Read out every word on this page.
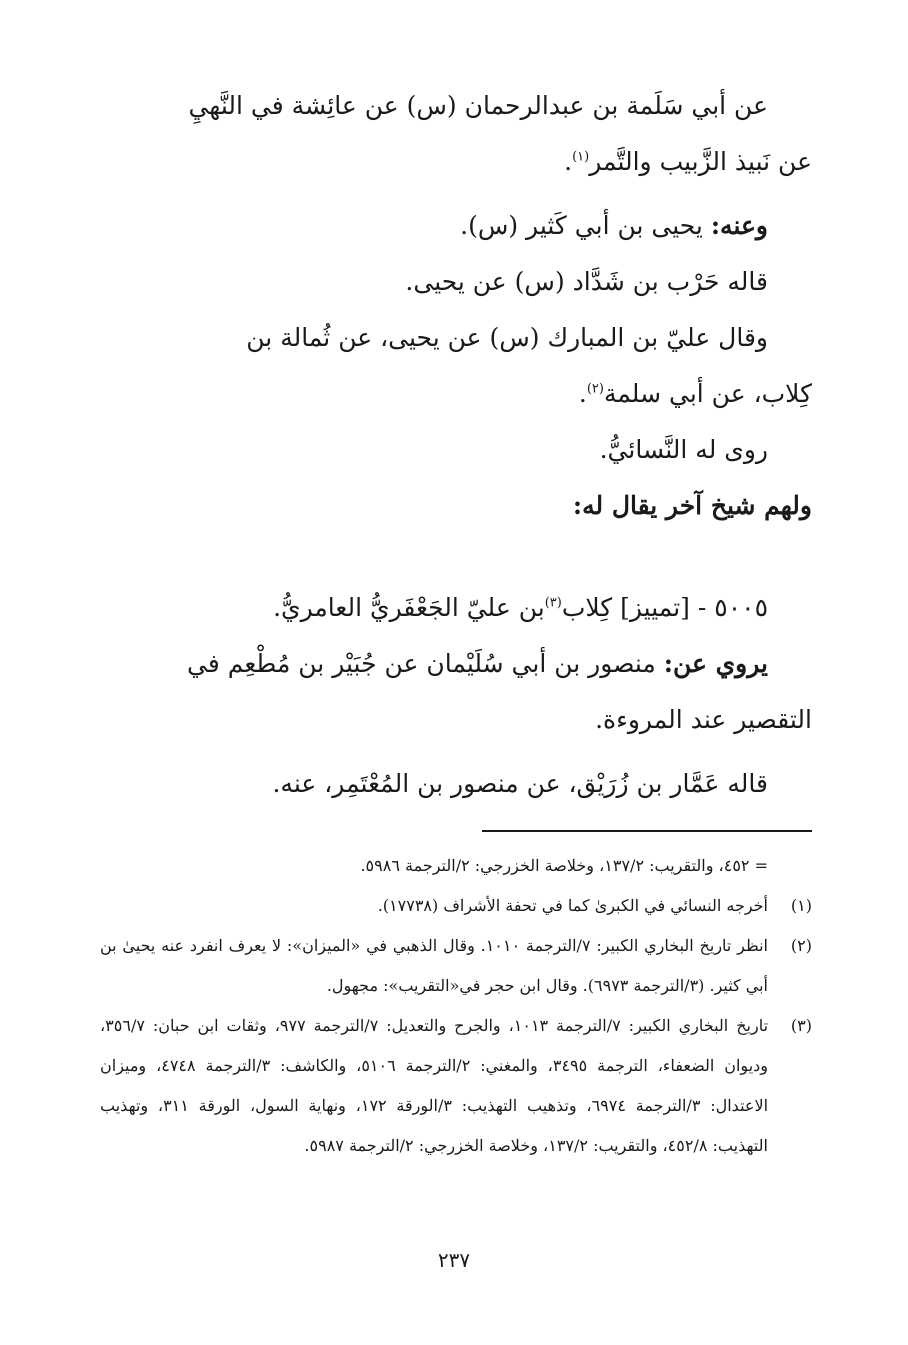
عن أبي سَلَمة بن عبدالرحمان (س) عن عائِشة في النَّهيِ

عن نَبيذ الزَّبيب والتَّمر$^{(١)}$.

وعنه: يحيى بن أبي كَثير (س).

قاله حَرْب بن شَدَّاد (س) عن يحيى.

وقال عليّ بن المبارك (س) عن يحيى، عن ثُمالة بن

كِلاب، عن أبي سلمة$^{(٢)}$.

روى له النَّسائيُّ.

ولهم شيخ آخر يقال له:

٥٠٠٥ - [تمييز] كِلاب$^{(٣)}$بن عليّ الجَعْفَريُّ العامريُّ.

يروي عن: منصور بن أبي سُلَيْمان عن جُبَيْر بن مُطْعِم في

التقصير عند المروءة.

قاله عَمَّار بن زُرَيْق، عن منصور بن المُعْتَمِر، عنه.

= ٤٥٢، والتقريب: ١٣٧/٢، وخلاصة الخزرجي: ٢/الترجمة ٥٩٨٦.

(١)
أخرجه النسائي في الكبرىٰ كما في تحفة الأشراف (١٧٧٣٨).

(٢)
انظر تاريخ البخاري الكبير: ٧/الترجمة ١٠١٠. وقال الذهبي في «الميزان»: لا يعرف انفرد عنه يحيىٰ بن أبي كثير. (٣/الترجمة ٦٩٧٣). وقال ابن حجر في«التقريب»: مجهول.

(٣)
تاريخ البخاري الكبير: ٧/الترجمة ١٠١٣، والجرح والتعديل: ٧/الترجمة ٩٧٧، وثقات ابن حبان: ٣٥٦/٧، وديوان الضعفاء، الترجمة ٣٤٩٥، والمغني: ٢/الترجمة ٥١٠٦، والكاشف: ٣/الترجمة ٤٧٤٨، وميزان الاعتدال: ٣/الترجمة ٦٩٧٤، وتذهيب التهذيب: ٣/الورقة ١٧٢، ونهاية السول، الورقة ٣١١، وتهذيب التهذيب: ٤٥٢/٨، والتقريب: ١٣٧/٢، وخلاصة الخزرجي: ٢/الترجمة ٥٩٨٧.

٢٣٧
